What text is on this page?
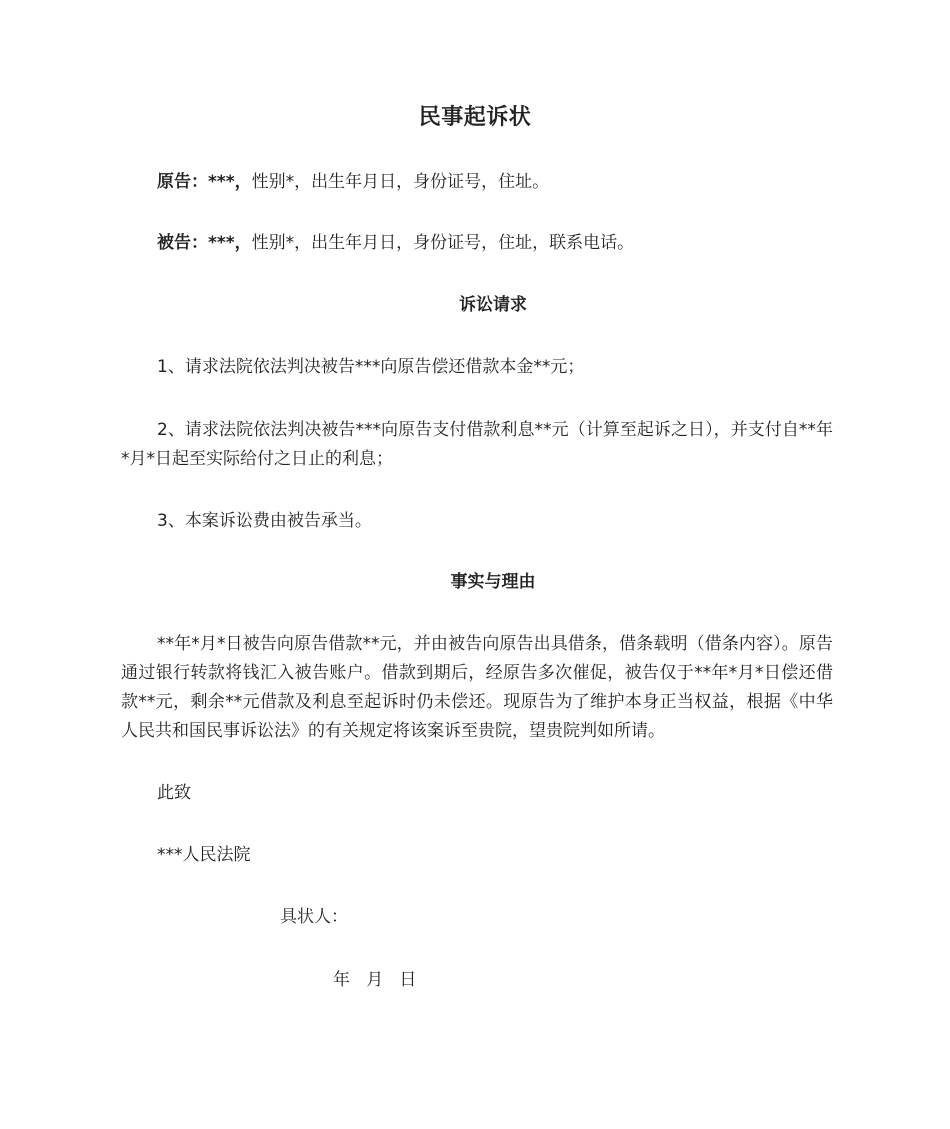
民事起诉状

原告：***，性别*，出生年月日，身份证号，住址。

被告：***，性别*，出生年月日，身份证号，住址，联系电话。

诉讼请求

1、请求法院依法判决被告***向原告偿还借款本金**元；

2、请求法院依法判决被告***向原告支付借款利息**元（计算至起诉之日），并支付自**年*月*日起至实际给付之日止的利息；

3、本案诉讼费由被告承当。

事实与理由

**年*月*日被告向原告借款**元，并由被告向原告出具借条，借条载明（借条内容）。原告通过银行转款将钱汇入被告账户。借款到期后，经原告多次催促，被告仅于**年*月*日偿还借款**元，剩余**元借款及利息至起诉时仍未偿还。现原告为了维护本身正当权益，根据《中华人民共和国民事诉讼法》的有关规定将该案诉至贵院，望贵院判如所请。

此致

***人民法院

具状人：

年   月   日
